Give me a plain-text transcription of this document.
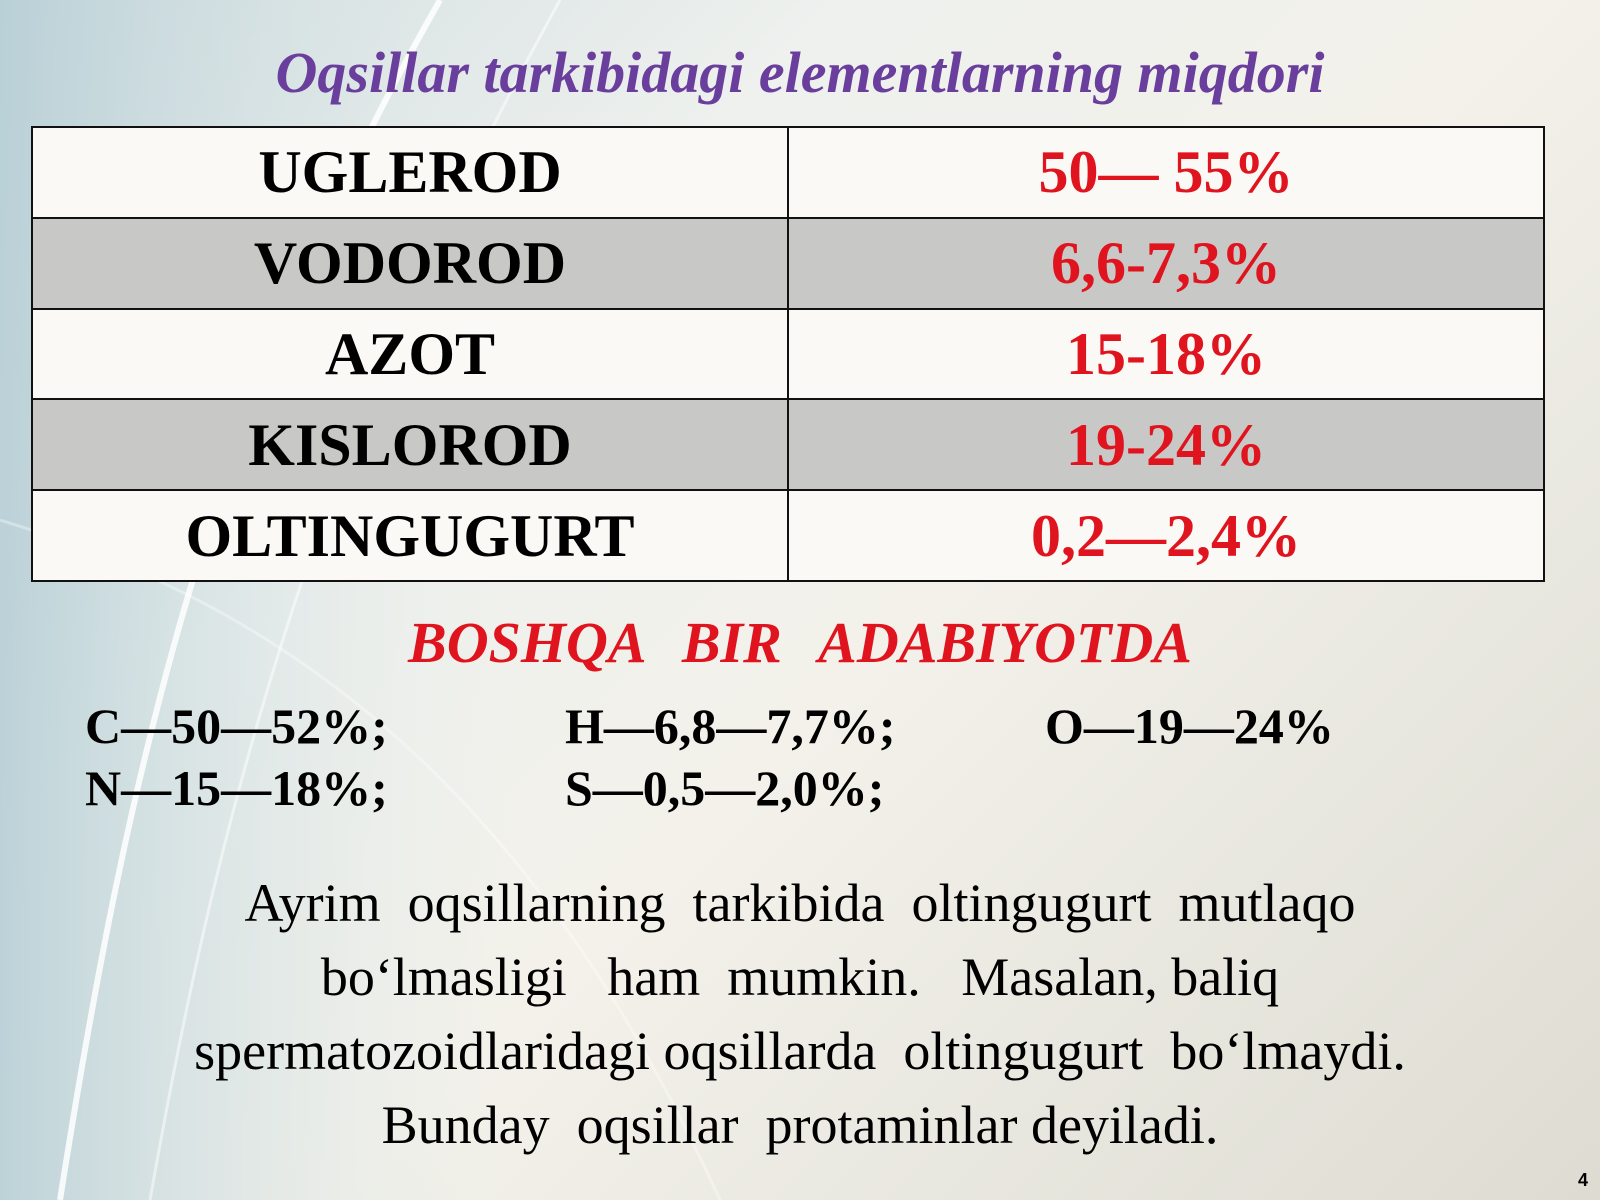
Oqsillar tarkibidagi elementlarning miqdori
UGLEROD	50— 55%
VODOROD	6,6-7,3%
AZOT	15-18%
KISLOROD	19-24%
OLTINGUGURT	0,2—2,4%
BOSHQA BIR ADABIYOTDA
C—50—52%;	H—6,8—7,7%;	O—19—24%
N—15—18%;	S—0,5—2,0%;

Ayrim  oqsillarning  tarkibida  oltingugurt  mutlaqo
bo‘lmasligi   ham  mumkin.   Masalan, baliq
spermatozoidlaridagi oqsillarda  oltingugurt  bo‘lmaydi.
Bunday  oqsillar  protaminlar deyiladi.

4
